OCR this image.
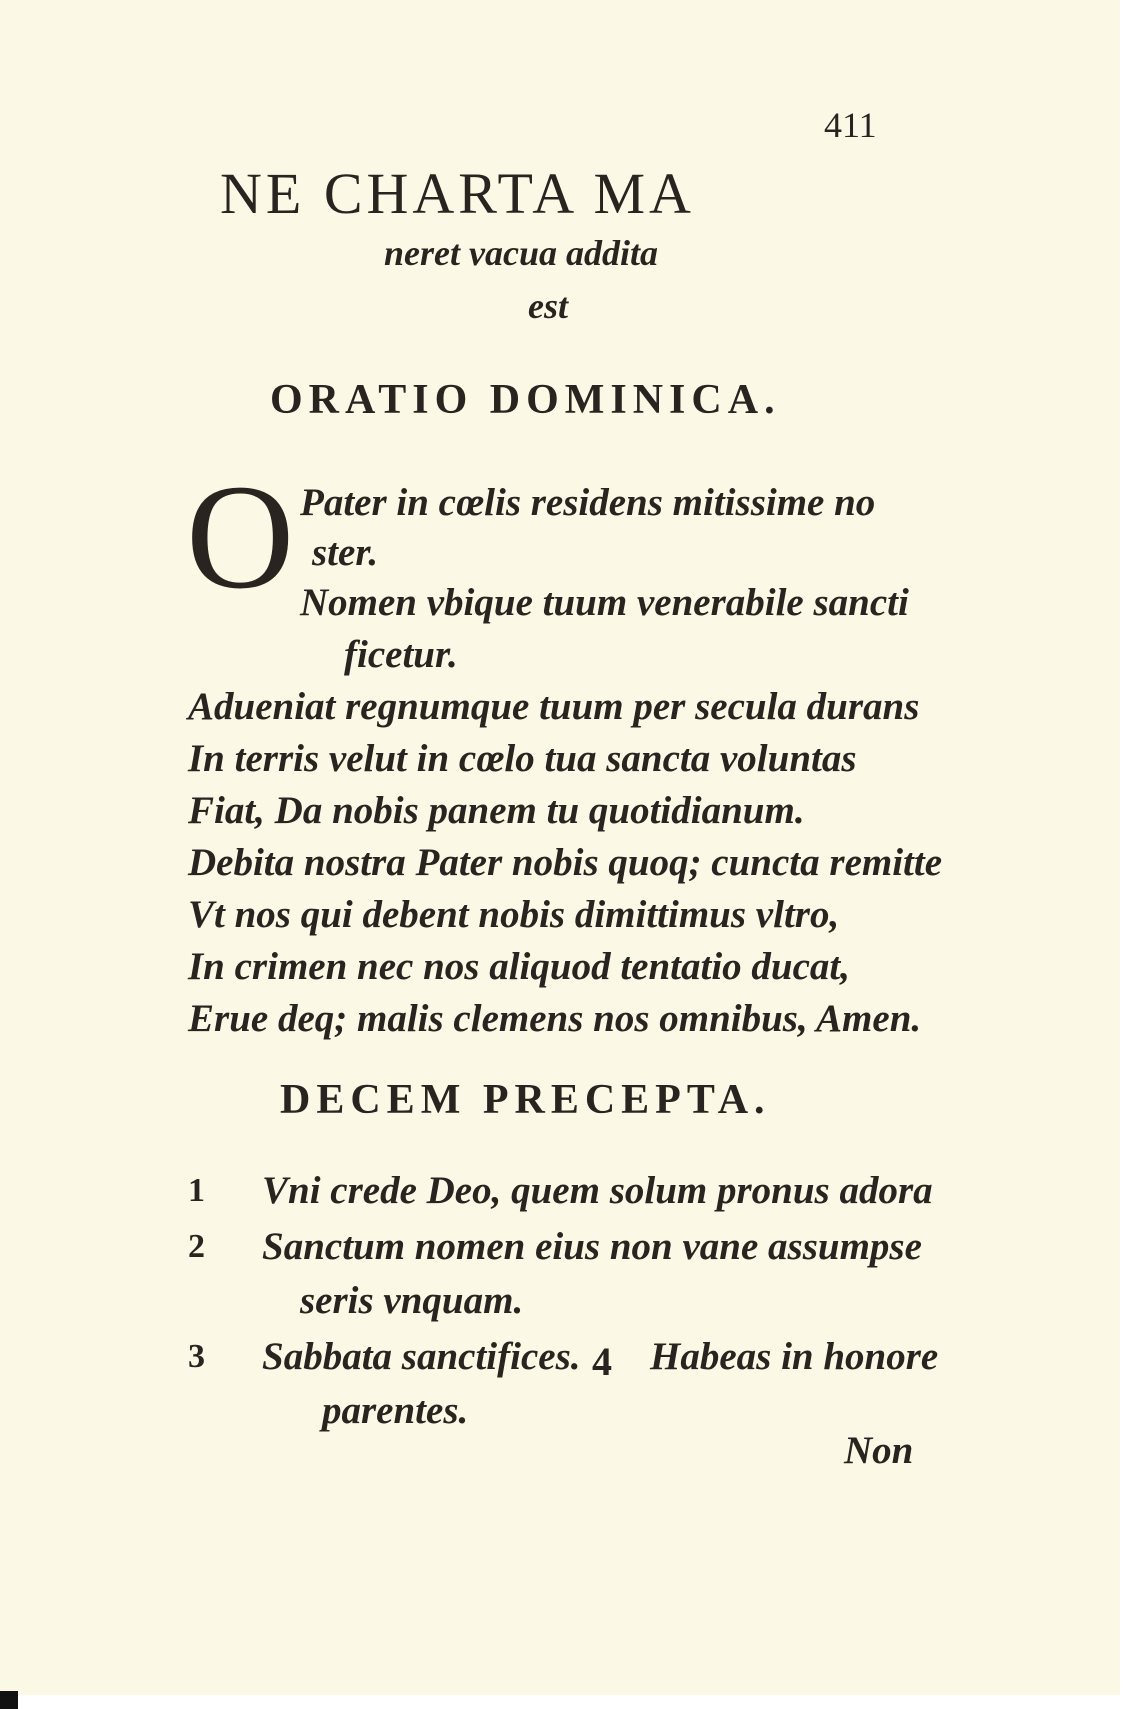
411
NE CHARTA MA
neret vacua addita
est
ORATIO DOMINICA.
O Pater in cœlis residens mitissime no
ster.
Nomen vbique tuum venerabile sancti
ficetur.
Adueniat regnumque tuum per secula durans
In terris velut in cœlo tua sancta voluntas
Fiat, Da nobis panem tu quotidianum.
Debita nostra Pater nobis quoq; cuncta remitte
Vt nos qui debent nobis dimittimus vltro,
In crimen nec nos aliquod tentatio ducat,
Erue deq; malis clemens nos omnibus, Amen.
DECEM PRECEPTA.
1 Vni crede Deo, quem solum pronus adora
2 Sanctum nomen eius non vane assumpse
seris vnquam.
3 Sabbata sanctifices. 4 Habeas in honore
parentes.
Non
